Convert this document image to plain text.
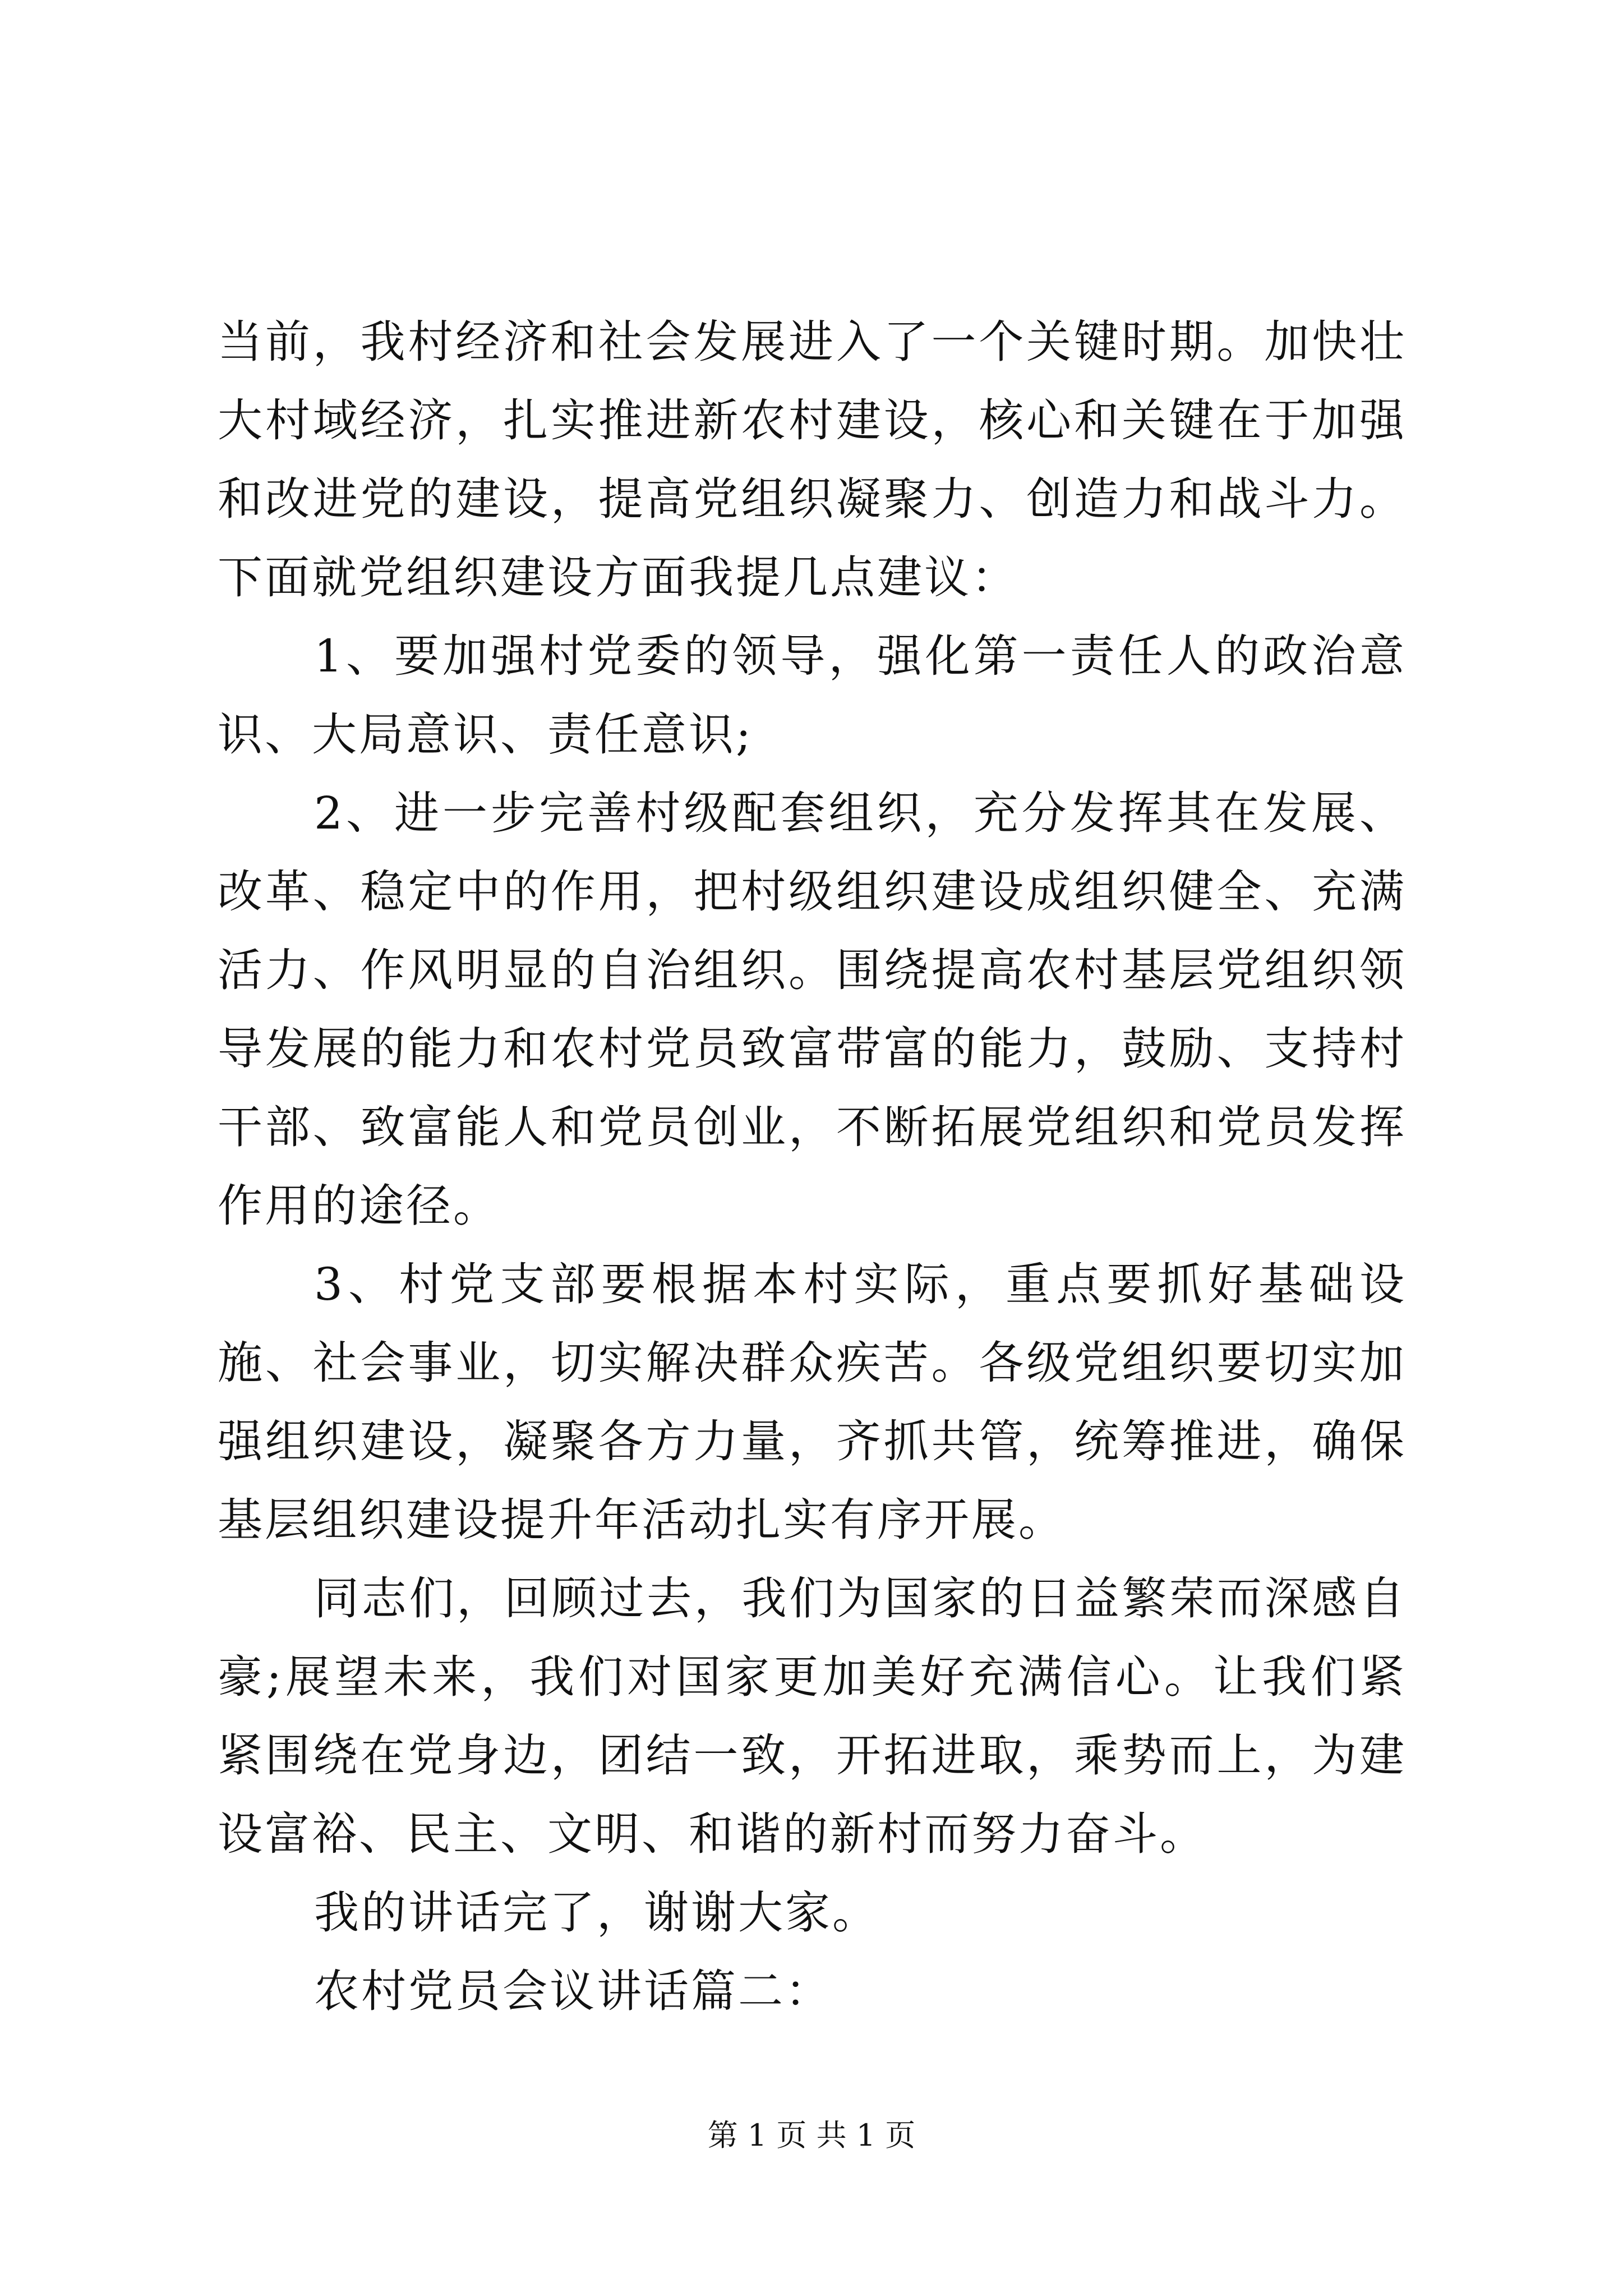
当前，我村经济和社会发展进入了一个关键时期。加快壮大村域经济，扎实推进新农村建设，核心和关键在于加强和改进党的建设，提高党组织凝聚力、创造力和战斗力。下面就党组织建设方面我提几点建议：

1、要加强村党委的领导，强化第一责任人的政治意识、大局意识、责任意识;

2、进一步完善村级配套组织，充分发挥其在发展、改革、稳定中的作用，把村级组织建设成组织健全、充满活力、作风明显的自治组织。围绕提高农村基层党组织领导发展的能力和农村党员致富带富的能力，鼓励、支持村干部、致富能人和党员创业，不断拓展党组织和党员发挥作用的途径。

3、村党支部要根据本村实际，重点要抓好基础设施、社会事业，切实解决群众疾苦。各级党组织要切实加强组织建设，凝聚各方力量，齐抓共管，统筹推进，确保基层组织建设提升年活动扎实有序开展。

同志们，回顾过去，我们为国家的日益繁荣而深感自豪;展望未来，我们对国家更加美好充满信心。让我们紧紧围绕在党身边，团结一致，开拓进取，乘势而上，为建设富裕、民主、文明、和谐的新村而努力奋斗。

我的讲话完了，谢谢大家。

农村党员会议讲话篇二：

第 1 页 共 1 页
